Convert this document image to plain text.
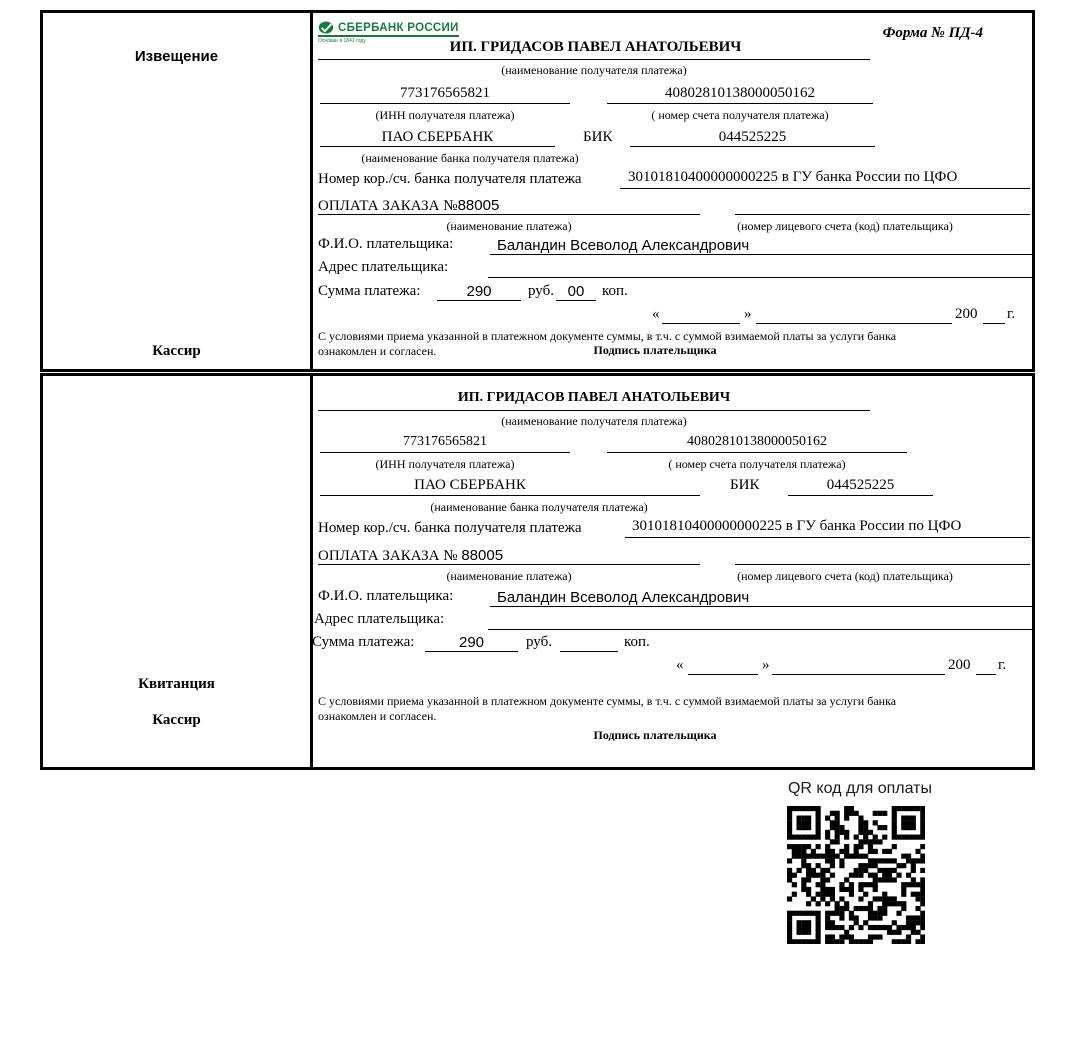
Извещение
Кассир
СБЕРБАНК РОССИИ
Основан в 1841 году	Форма № ПД-4
ИП. ГРИДАСОВ ПАВЕЛ АНАТОЛЬЕВИЧ
(наименование получателя платежа)
773176565821	40802810138000050162
(ИНН получателя платежа)	( номер счета получателя платежа)
ПАО СБЕРБАНК	БИК	044525225
(наименование банка получателя платежа)
Номер кор./сч. банка получателя платежа	30101810400000000225 в ГУ банка России по ЦФО
ОПЛАТА ЗАКАЗА №88005
(наименование платежа)	(номер лицевого счета (код) плательщика)
Ф.И.О. плательщика:	Баландин Всеволод Александрович
Адрес плательщика:
Сумма платежа:	290	руб. 00	коп.
«	»	200 г.
С условиями приема указанной в платежном документе суммы, в т.ч. с суммой взимаемой платы за услуги банка
ознакомлен и согласен.	Подпись плательщика
Квитанция
Кассир
ИП. ГРИДАСОВ ПАВЕЛ АНАТОЛЬЕВИЧ
(наименование получателя платежа)
773176565821	40802810138000050162
(ИНН получателя платежа)	( номер счета получателя платежа)
ПАО СБЕРБАНК	БИК	044525225
(наименование банка получателя платежа)
Номер кор./сч. банка получателя платежа	30101810400000000225 в ГУ банка России по ЦФО
ОПЛАТА ЗАКАЗА № 88005
(наименование платежа)	(номер лицевого счета (код) плательщика)
Ф.И.О. плательщика:	Баландин Всеволод Александрович
Адрес плательщика:
Сумма платежа:	290	руб.	коп.
«	»	200 г.
С условиями приема указанной в платежном документе суммы, в т.ч. с суммой взимаемой платы за услуги банка
ознакомлен и согласен.
Подпись плательщика
QR код для оплаты
